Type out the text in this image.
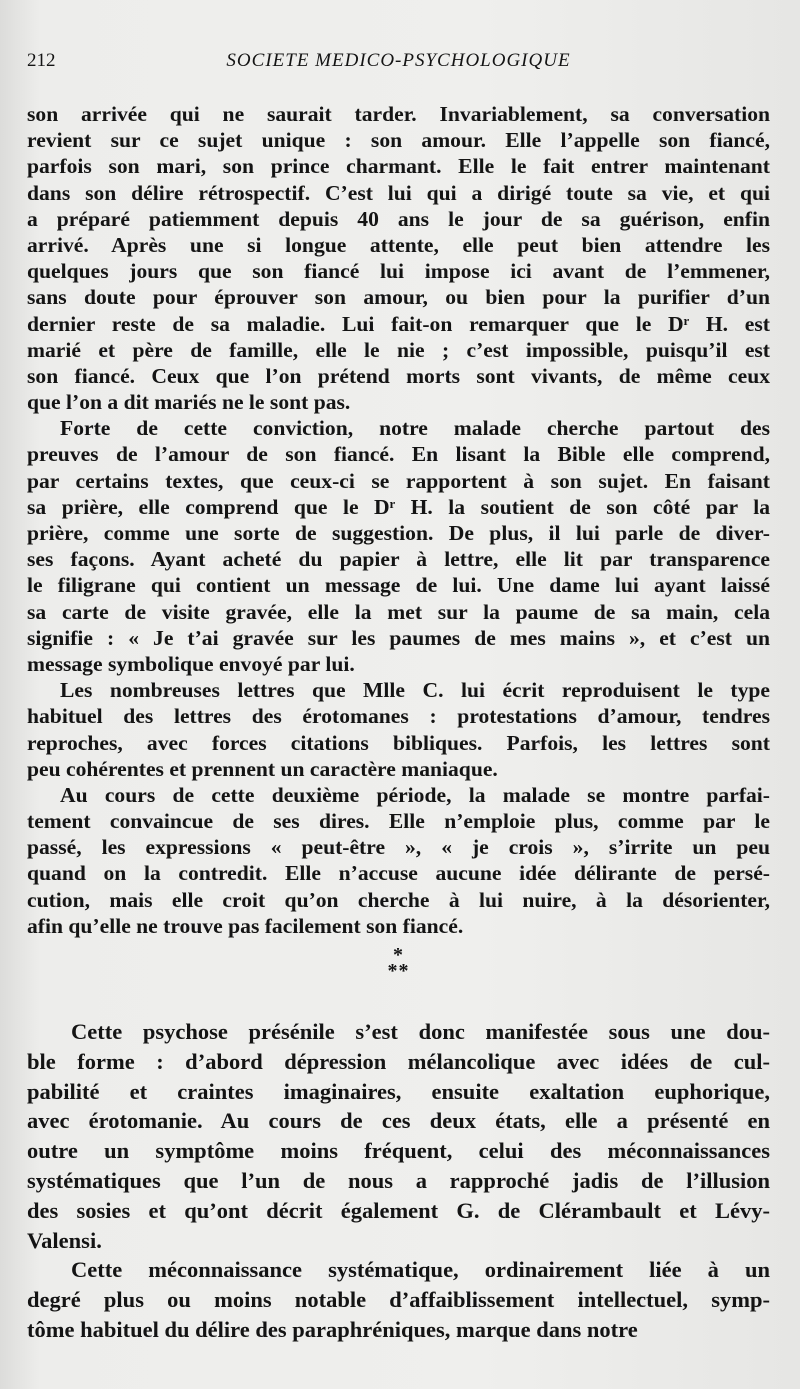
212	SOCIETE MEDICO-PSYCHOLOGIQUE
son arrivée qui ne saurait tarder. Invariablement, sa conversation
revient sur ce sujet unique : son amour. Elle l’appelle son fiancé,
parfois son mari, son prince charmant. Elle le fait entrer maintenant
dans son délire rétrospectif. C’est lui qui a dirigé toute sa vie, et qui
a préparé patiemment depuis 40 ans le jour de sa guérison, enfin
arrivé. Après une si longue attente, elle peut bien attendre les
quelques jours que son fiancé lui impose ici avant de l’emmener,
sans doute pour éprouver son amour, ou bien pour la purifier d’un
dernier reste de sa maladie. Lui fait-on remarquer que le Dʳ H. est
marié et père de famille, elle le nie ; c’est impossible, puisqu’il est
son fiancé. Ceux que l’on prétend morts sont vivants, de même ceux
que l’on a dit mariés ne le sont pas.
Forte de cette conviction, notre malade cherche partout des
preuves de l’amour de son fiancé. En lisant la Bible elle comprend,
par certains textes, que ceux-ci se rapportent à son sujet. En faisant
sa prière, elle comprend que le Dʳ H. la soutient de son côté par la
prière, comme une sorte de suggestion. De plus, il lui parle de diver-
ses façons. Ayant acheté du papier à lettre, elle lit par transparence
le filigrane qui contient un message de lui. Une dame lui ayant laissé
sa carte de visite gravée, elle la met sur la paume de sa main, cela
signifie : « Je t’ai gravée sur les paumes de mes mains », et c’est un
message symbolique envoyé par lui.
Les nombreuses lettres que Mlle C. lui écrit reproduisent le type
habituel des lettres des érotomanes : protestations d’amour, tendres
reproches, avec forces citations bibliques. Parfois, les lettres sont
peu cohérentes et prennent un caractère maniaque.
Au cours de cette deuxième période, la malade se montre parfai-
tement convaincue de ses dires. Elle n’emploie plus, comme par le
passé, les expressions « peut-être », « je crois », s’irrite un peu
quand on la contredit. Elle n’accuse aucune idée délirante de persé-
cution, mais elle croit qu’on cherche à lui nuire, à la désorienter,
afin qu’elle ne trouve pas facilement son fiancé.
*
**
Cette psychose présénile s’est donc manifestée sous une dou-
ble forme : d’abord dépression mélancolique avec idées de cul-
pabilité et craintes imaginaires, ensuite exaltation euphorique,
avec érotomanie. Au cours de ces deux états, elle a présenté en
outre un symptôme moins fréquent, celui des méconnaissances
systématiques que l’un de nous a rapproché jadis de l’illusion
des sosies et qu’ont décrit également G. de Clérambault et Lévy-
Valensi.
Cette méconnaissance systématique, ordinairement liée à un
degré plus ou moins notable d’affaiblissement intellectuel, symp-
tôme habituel du délire des paraphréniques, marque dans notre
